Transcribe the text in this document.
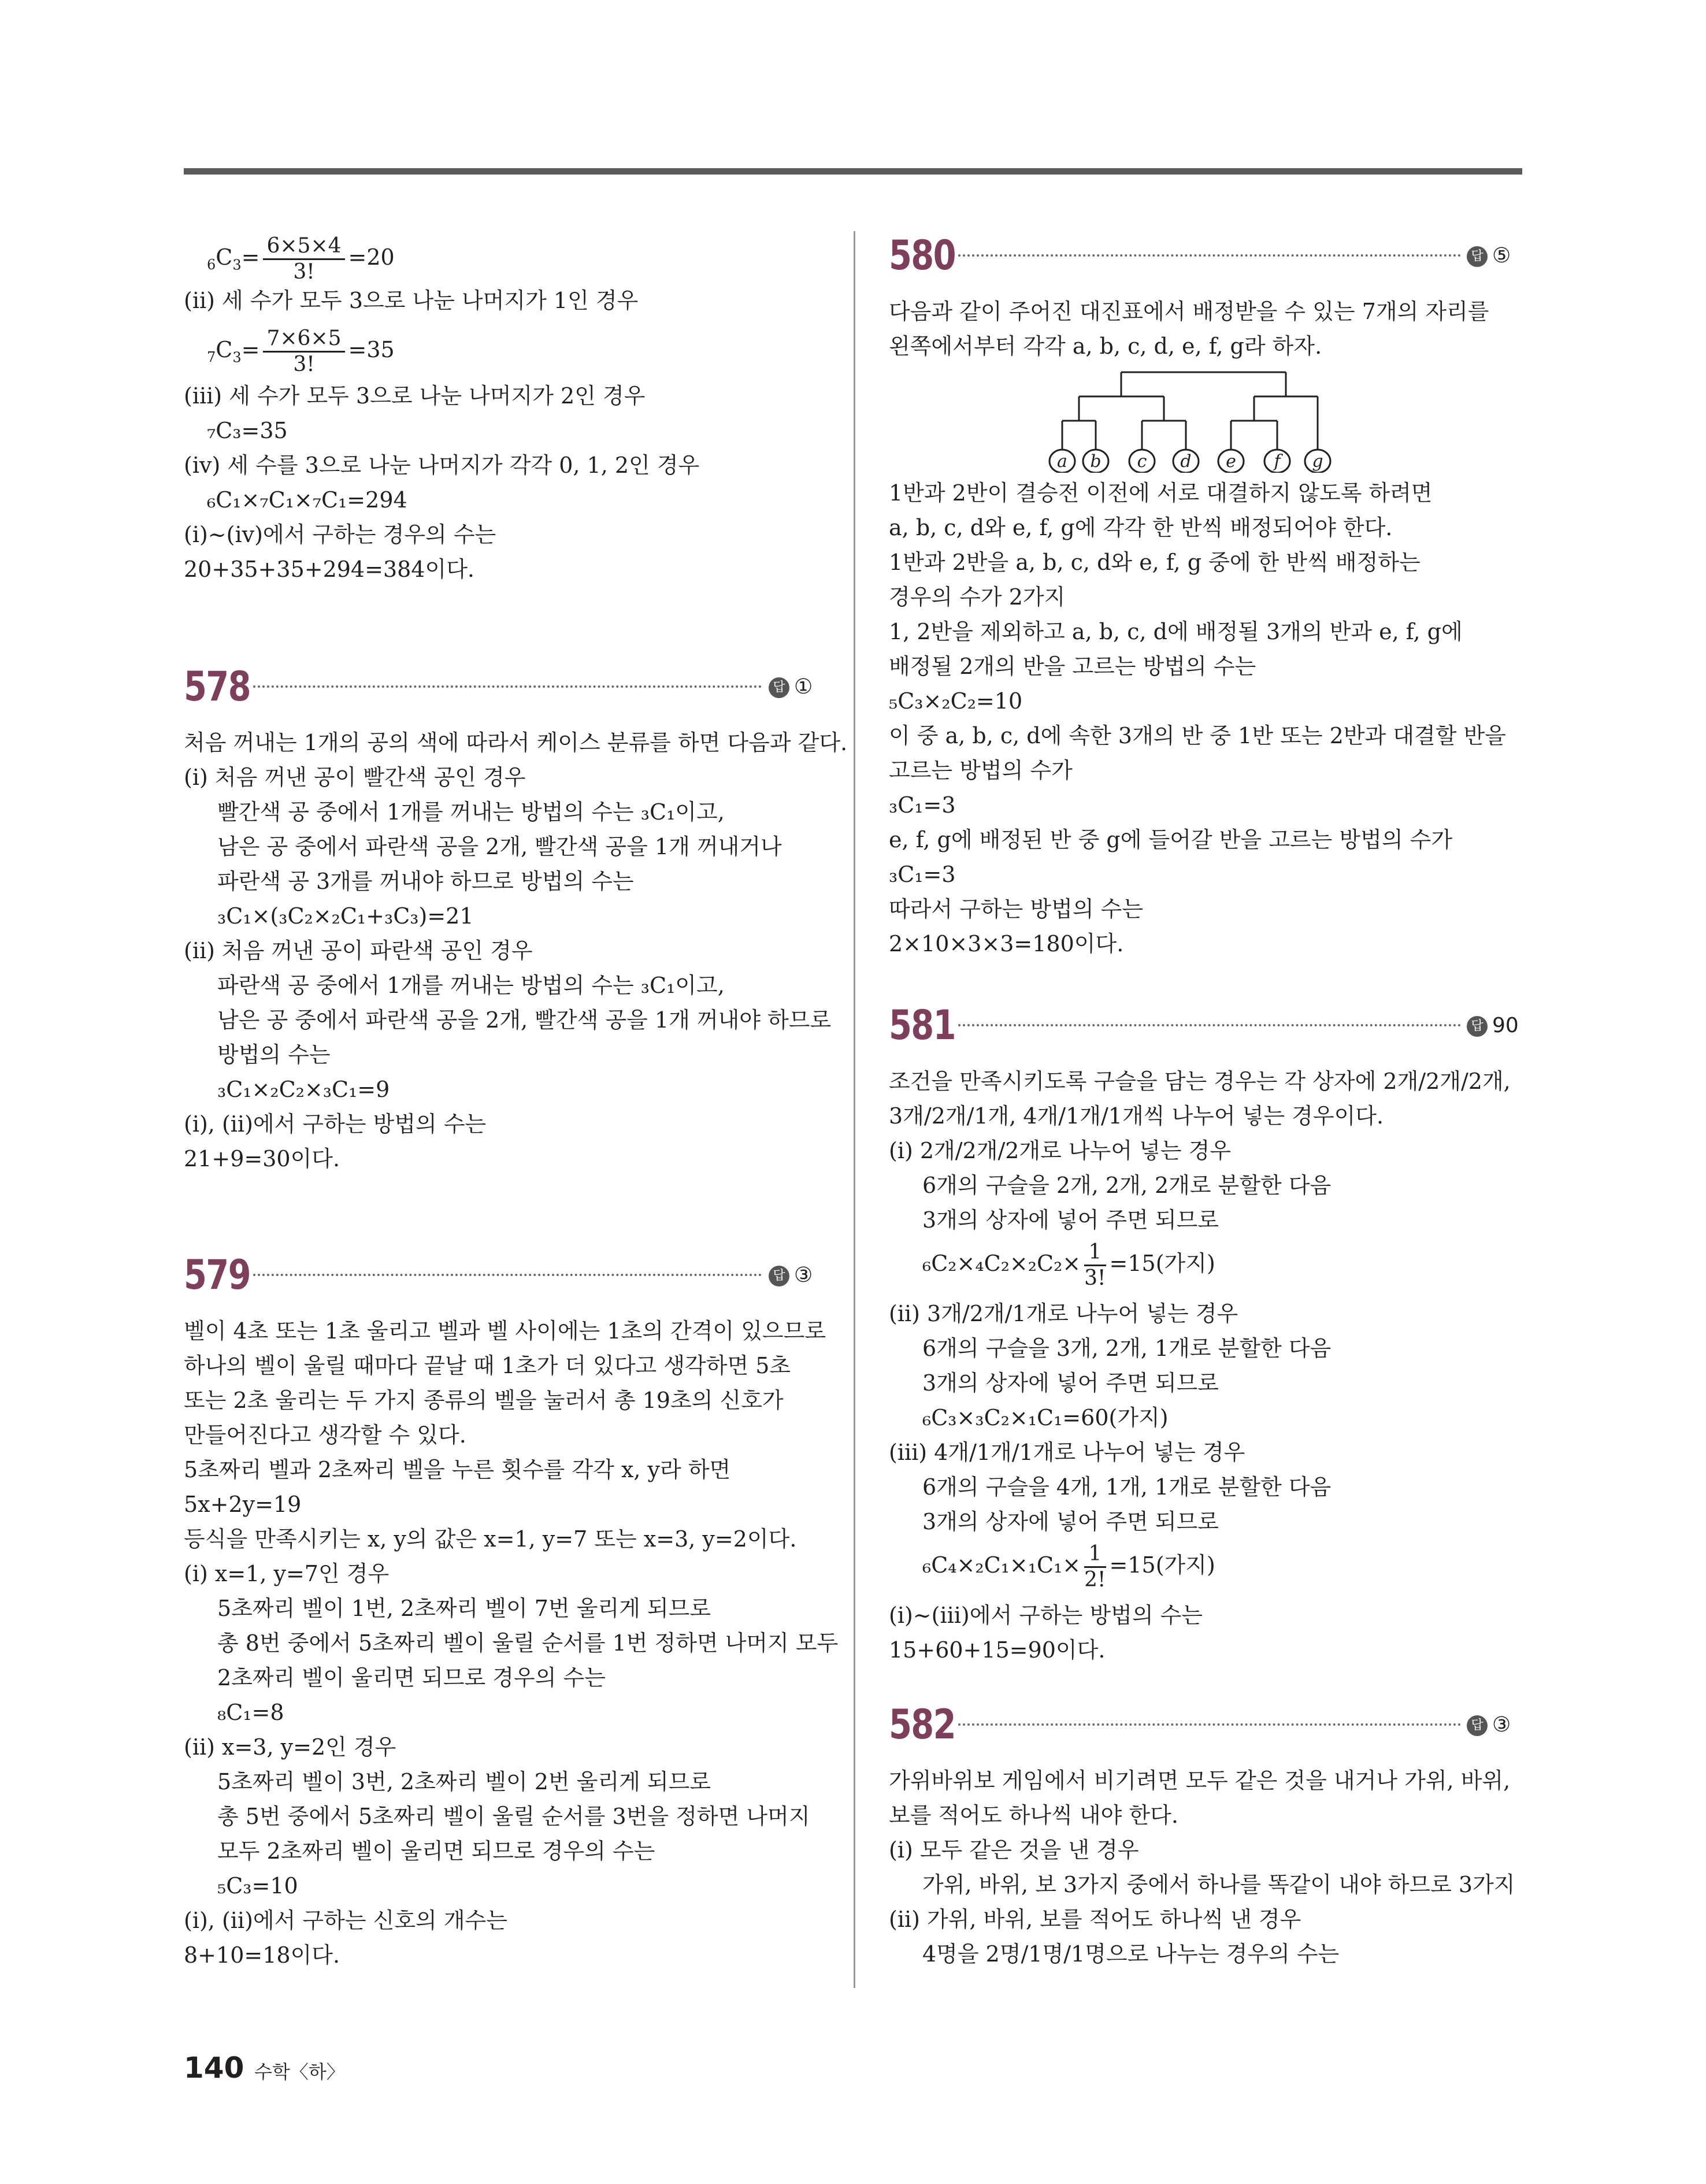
$_6C_3= \frac{6\times 5\times 4}{3!} =20$
(ⅱ) 세 수가 모두 3으로 나눈 나머지가 1인 경우
$_7C_3= \frac{7\times 6\times 5}{3!} =35$
(ⅲ) 세 수가 모두 3으로 나눈 나머지가 2인 경우
₇C₃=35
(ⅳ) 세 수를 3으로 나눈 나머지가 각각 0, 1, 2인 경우
₆C₁×₇C₁×₇C₁=294
(ⅰ)~(ⅳ)에서 구하는 경우의 수는
20+35+35+294=384이다.
578	답 ①
처음 꺼내는 1개의 공의 색에 따라서 케이스 분류를 하면 다음과 같다.
(ⅰ) 처음 꺼낸 공이 빨간색 공인 경우
빨간색 공 중에서 1개를 꺼내는 방법의 수는 ₃C₁이고,
남은 공 중에서 파란색 공을 2개, 빨간색 공을 1개 꺼내거나
파란색 공 3개를 꺼내야 하므로 방법의 수는
₃C₁×(₃C₂×₂C₁+₃C₃)=21
(ⅱ) 처음 꺼낸 공이 파란색 공인 경우
파란색 공 중에서 1개를 꺼내는 방법의 수는 ₃C₁이고,
남은 공 중에서 파란색 공을 2개, 빨간색 공을 1개 꺼내야 하므로
방법의 수는
₃C₁×₂C₂×₃C₁=9
(ⅰ), (ⅱ)에서 구하는 방법의 수는
21+9=30이다.
579	답 ③
벨이 4초 또는 1초 울리고 벨과 벨 사이에는 1초의 간격이 있으므로
하나의 벨이 울릴 때마다 끝날 때 1초가 더 있다고 생각하면 5초
또는 2초 울리는 두 가지 종류의 벨을 눌러서 총 19초의 신호가
만들어진다고 생각할 수 있다.
5초짜리 벨과 2초짜리 벨을 누른 횟수를 각각 x, y라 하면
5x+2y=19
등식을 만족시키는 x, y의 값은 x=1, y=7 또는 x=3, y=2이다.
(ⅰ) x=1, y=7인 경우
5초짜리 벨이 1번, 2초짜리 벨이 7번 울리게 되므로
총 8번 중에서 5초짜리 벨이 울릴 순서를 1번 정하면 나머지 모두
2초짜리 벨이 울리면 되므로 경우의 수는
₈C₁=8
(ⅱ) x=3, y=2인 경우
5초짜리 벨이 3번, 2초짜리 벨이 2번 울리게 되므로
총 5번 중에서 5초짜리 벨이 울릴 순서를 3번을 정하면 나머지
모두 2초짜리 벨이 울리면 되므로 경우의 수는
₅C₃=10
(ⅰ), (ⅱ)에서 구하는 신호의 개수는
8+10=18이다.
580	답 ⑤
다음과 같이 주어진 대진표에서 배정받을 수 있는 7개의 자리를
왼쪽에서부터 각각 a, b, c, d, e, f, g라 하자.
a b c d e f g
1반과 2반이 결승전 이전에 서로 대결하지 않도록 하려면
a, b, c, d와 e, f, g에 각각 한 반씩 배정되어야 한다.
1반과 2반을 a, b, c, d와 e, f, g 중에 한 반씩 배정하는
경우의 수가 2가지
1, 2반을 제외하고 a, b, c, d에 배정될 3개의 반과 e, f, g에
배정될 2개의 반을 고르는 방법의 수는
₅C₃×₂C₂=10
이 중 a, b, c, d에 속한 3개의 반 중 1반 또는 2반과 대결할 반을
고르는 방법의 수가
₃C₁=3
e, f, g에 배정된 반 중 g에 들어갈 반을 고르는 방법의 수가
₃C₁=3
따라서 구하는 방법의 수는
2×10×3×3=180이다.
581	답 90
조건을 만족시키도록 구슬을 담는 경우는 각 상자에 2개/2개/2개,
3개/2개/1개, 4개/1개/1개씩 나누어 넣는 경우이다.
(ⅰ) 2개/2개/2개로 나누어 넣는 경우
6개의 구슬을 2개, 2개, 2개로 분할한 다음
3개의 상자에 넣어 주면 되므로
$_6C_2\times_4C_2\times_2C_2\times \frac{1}{3!} =15$(가지)
(ⅱ) 3개/2개/1개로 나누어 넣는 경우
6개의 구슬을 3개, 2개, 1개로 분할한 다음
3개의 상자에 넣어 주면 되므로
₆C₃×₃C₂×₁C₁=60(가지)
(ⅲ) 4개/1개/1개로 나누어 넣는 경우
6개의 구슬을 4개, 1개, 1개로 분할한 다음
3개의 상자에 넣어 주면 되므로
$_6C_4\times_2C_1\times_1C_1\times \frac{1}{2!} =15$(가지)
(ⅰ)~(ⅲ)에서 구하는 방법의 수는
15+60+15=90이다.
582	답 ③
가위바위보 게임에서 비기려면 모두 같은 것을 내거나 가위, 바위,
보를 적어도 하나씩 내야 한다.
(ⅰ) 모두 같은 것을 낸 경우
가위, 바위, 보 3가지 중에서 하나를 똑같이 내야 하므로 3가지
(ⅱ) 가위, 바위, 보를 적어도 하나씩 낸 경우
4명을 2명/1명/1명으로 나누는 경우의 수는
140 수학〈하〉
